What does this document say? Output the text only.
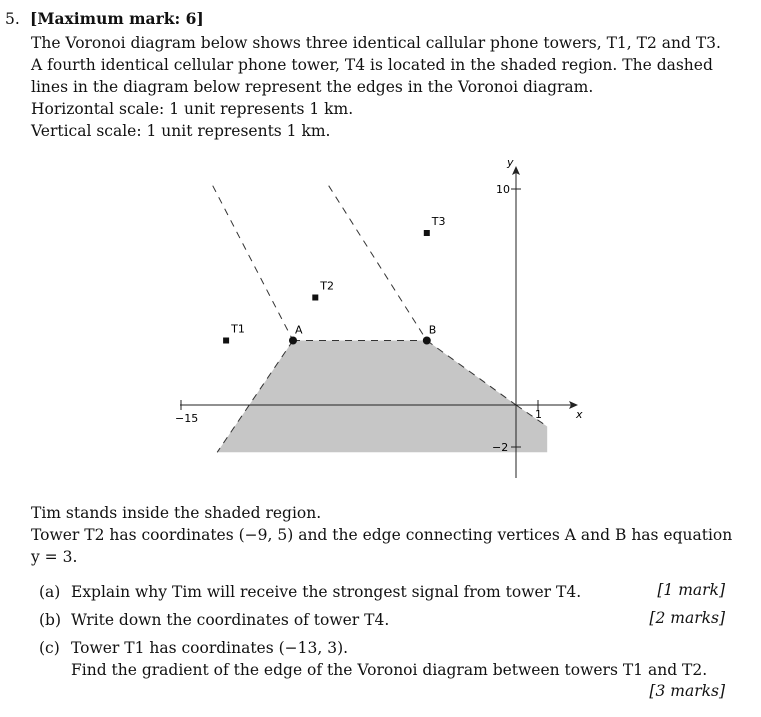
5. [Maximum mark: 6]
The Voronoi diagram below shows three identical callular phone towers, T1, T2 and T3.
A fourth identical cellular phone tower, T4 is located in the shaded region. The dashed
lines in the diagram below represent the edges in the Voronoi diagram.
Horizontal scale: 1 unit represents 1 km.
Vertical scale: 1 unit represents 1 km.
−15	1
10
−2
x
y
T1
T2
T3
A	B
Tim stands inside the shaded region.
Tower T2 has coordinates (−9, 5) and the edge connecting vertices A and B has equation
y = 3.
(a) Explain why Tim will receive the strongest signal from tower T4.	[1 mark]
(b) Write down the coordinates of tower T4.	[2 marks]
(c) Tower T1 has coordinates (−13, 3).
Find the gradient of the edge of the Voronoi diagram between towers T1 and T2.
[3 marks]
